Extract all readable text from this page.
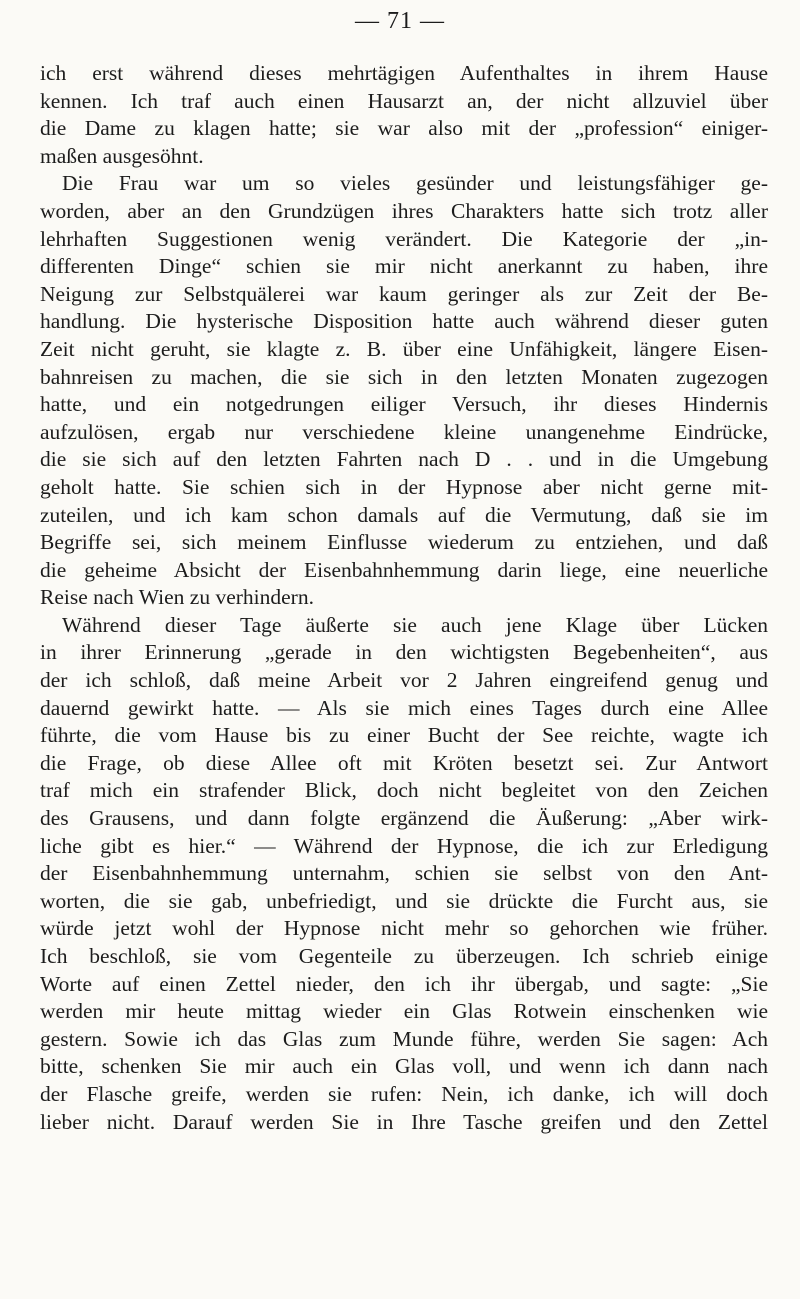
— 71 —
ich erst während dieses mehrtägigen Aufenthaltes in ihrem Hause
kennen. Ich traf auch einen Hausarzt an, der nicht allzuviel über
die Dame zu klagen hatte; sie war also mit der „profession“ einiger-
maßen ausgesöhnt.
Die Frau war um so vieles gesünder und leistungsfähiger ge-
worden, aber an den Grundzügen ihres Charakters hatte sich trotz aller
lehrhaften Suggestionen wenig verändert. Die Kategorie der „in-
differenten Dinge“ schien sie mir nicht anerkannt zu haben, ihre
Neigung zur Selbstquälerei war kaum geringer als zur Zeit der Be-
handlung. Die hysterische Disposition hatte auch während dieser guten
Zeit nicht geruht, sie klagte z. B. über eine Unfähigkeit, längere Eisen-
bahnreisen zu machen, die sie sich in den letzten Monaten zugezogen
hatte, und ein notgedrungen eiliger Versuch, ihr dieses Hindernis
aufzulösen, ergab nur verschiedene kleine unangenehme Eindrücke,
die sie sich auf den letzten Fahrten nach D . . und in die Umgebung
geholt hatte. Sie schien sich in der Hypnose aber nicht gerne mit-
zuteilen, und ich kam schon damals auf die Vermutung, daß sie im
Begriffe sei, sich meinem Einflusse wiederum zu entziehen, und daß
die geheime Absicht der Eisenbahnhemmung darin liege, eine neuerliche
Reise nach Wien zu verhindern.
Während dieser Tage äußerte sie auch jene Klage über Lücken
in ihrer Erinnerung „gerade in den wichtigsten Begebenheiten“, aus
der ich schloß, daß meine Arbeit vor 2 Jahren eingreifend genug und
dauernd gewirkt hatte. — Als sie mich eines Tages durch eine Allee
führte, die vom Hause bis zu einer Bucht der See reichte, wagte ich
die Frage, ob diese Allee oft mit Kröten besetzt sei. Zur Antwort
traf mich ein strafender Blick, doch nicht begleitet von den Zeichen
des Grausens, und dann folgte ergänzend die Äußerung: „Aber wirk-
liche gibt es hier.“ — Während der Hypnose, die ich zur Erledigung
der Eisenbahnhemmung unternahm, schien sie selbst von den Ant-
worten, die sie gab, unbefriedigt, und sie drückte die Furcht aus, sie
würde jetzt wohl der Hypnose nicht mehr so gehorchen wie früher.
Ich beschloß, sie vom Gegenteile zu überzeugen. Ich schrieb einige
Worte auf einen Zettel nieder, den ich ihr übergab, und sagte: „Sie
werden mir heute mittag wieder ein Glas Rotwein einschenken wie
gestern. Sowie ich das Glas zum Munde führe, werden Sie sagen: Ach
bitte, schenken Sie mir auch ein Glas voll, und wenn ich dann nach
der Flasche greife, werden sie rufen: Nein, ich danke, ich will doch
lieber nicht. Darauf werden Sie in Ihre Tasche greifen und den Zettel
